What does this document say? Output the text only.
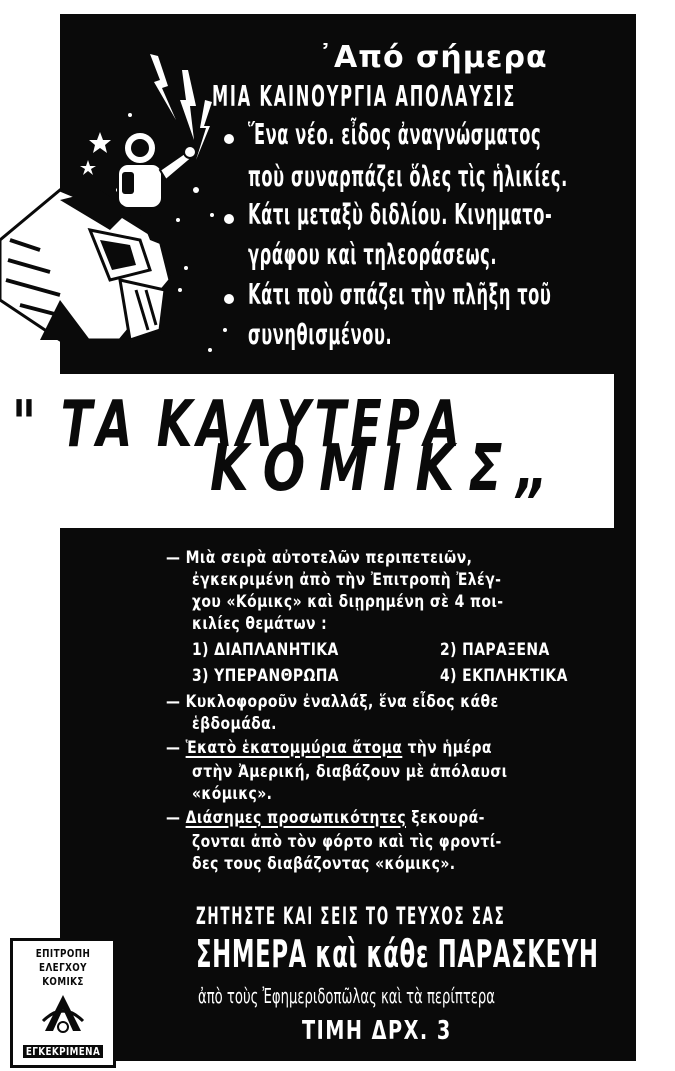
᾽Από σήμερα
ΜΙΑ ΚΑΙΝΟΥΡΓΙΑ ΑΠΟΛΑΥΣΙΣ
Ἕνα νέο. εἶδος ἀναγνώσματος
ποὺ συναρπάζει ὅλες τὶς ἡλικίες.
Κάτι μεταξὺ διδλίου. Κινηματο-
γράφου καὶ τηλεοράσεως.
Κάτι ποὺ σπάζει τὴν πλῆξη τοῦ
συνηθισμένου.
" ΤΑ ΚΑΛΥΤΕΡΑ
ΚΟΜΙΚΣ„
— Μιὰ σειρὰ αὐτοτελῶν περιπετειῶν,
ἐγκεκριμένη ἀπὸ τὴν Ἐπιτροπὴ Ἐλέγ-
χου «Κόμικς» καὶ διῃρημένη σὲ 4 ποι-
κιλίες θεμάτων :
1) ΔΙΑΠΛΑΝΗΤΙΚΑ	2) ΠΑΡΑΞΕΝΑ
3) ΥΠΕΡΑΝΘΡΩΠΑ	4) ΕΚΠΛΗΚΤΙΚΑ
— Κυκλοφοροῦν ἐναλλάξ, ἕνα εἶδος κάθε
ἑβδομάδα.
— Ἑκατὸ ἑκατομμύρια ἄτομα τὴν ἡμέρα
στὴν Ἀμερική, διαβάζουν μὲ ἀπόλαυσι
«κόμικς».
— Διάσημες προσωπικότητες ξεκουρά-
ζονται ἀπὸ τὸν φόρτο καὶ τὶς φροντί-
δες τους διαβάζοντας «κόμικς».
ΖΗΤΗΣΤΕ ΚΑΙ ΣΕΙΣ ΤΟ ΤΕΥΧΟΣ ΣΑΣ
ΣΗΜΕΡΑ καὶ κάθε ΠΑΡΑΣΚΕΥΗ
ἀπὸ τοὺς Ἐφημεριδοπῶλας καὶ τὰ περίπτερα
ΤΙΜΗ ΔΡΧ. 3
ΕΠΙΤΡΟΠΗ
ΕΛΕΓΧΟΥ
ΚΟΜΙΚΣ
ΕΓΚΕΚΡΙΜΕΝΑ
